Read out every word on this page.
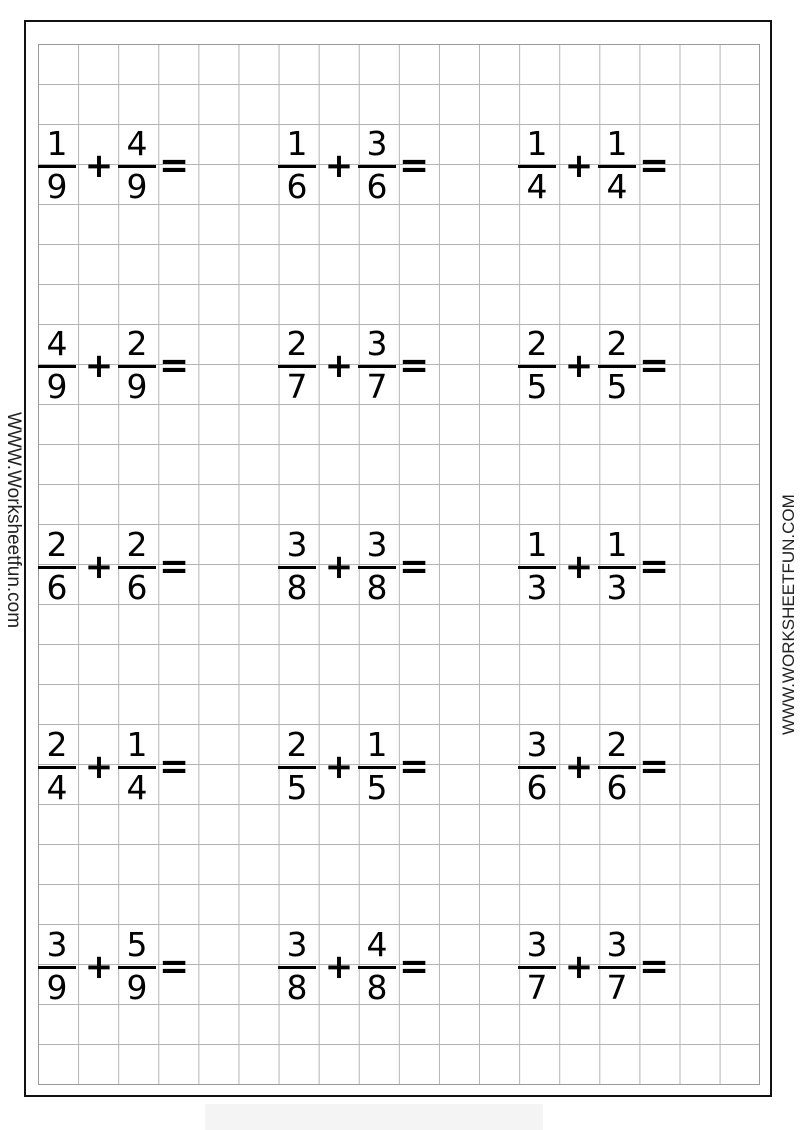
1
9
+
4
9
=
1
6
+
3
6
=
1
4
+
1
4
=
4
9
+
2
9
=
2
7
+
3
7
=
2
5
+
2
5
=
2
6
+
2
6
=
3
8
+
3
8
=
1
3
+
1
3
=
2
4
+
1
4
=
2
5
+
1
5
=
3
6
+
2
6
=
3
9
+
5
9
=
3
8
+
4
8
=
3
7
+
3
7
=
WWW.Worksheetfun.com	WWW.WORKSHEETFUN.COM
